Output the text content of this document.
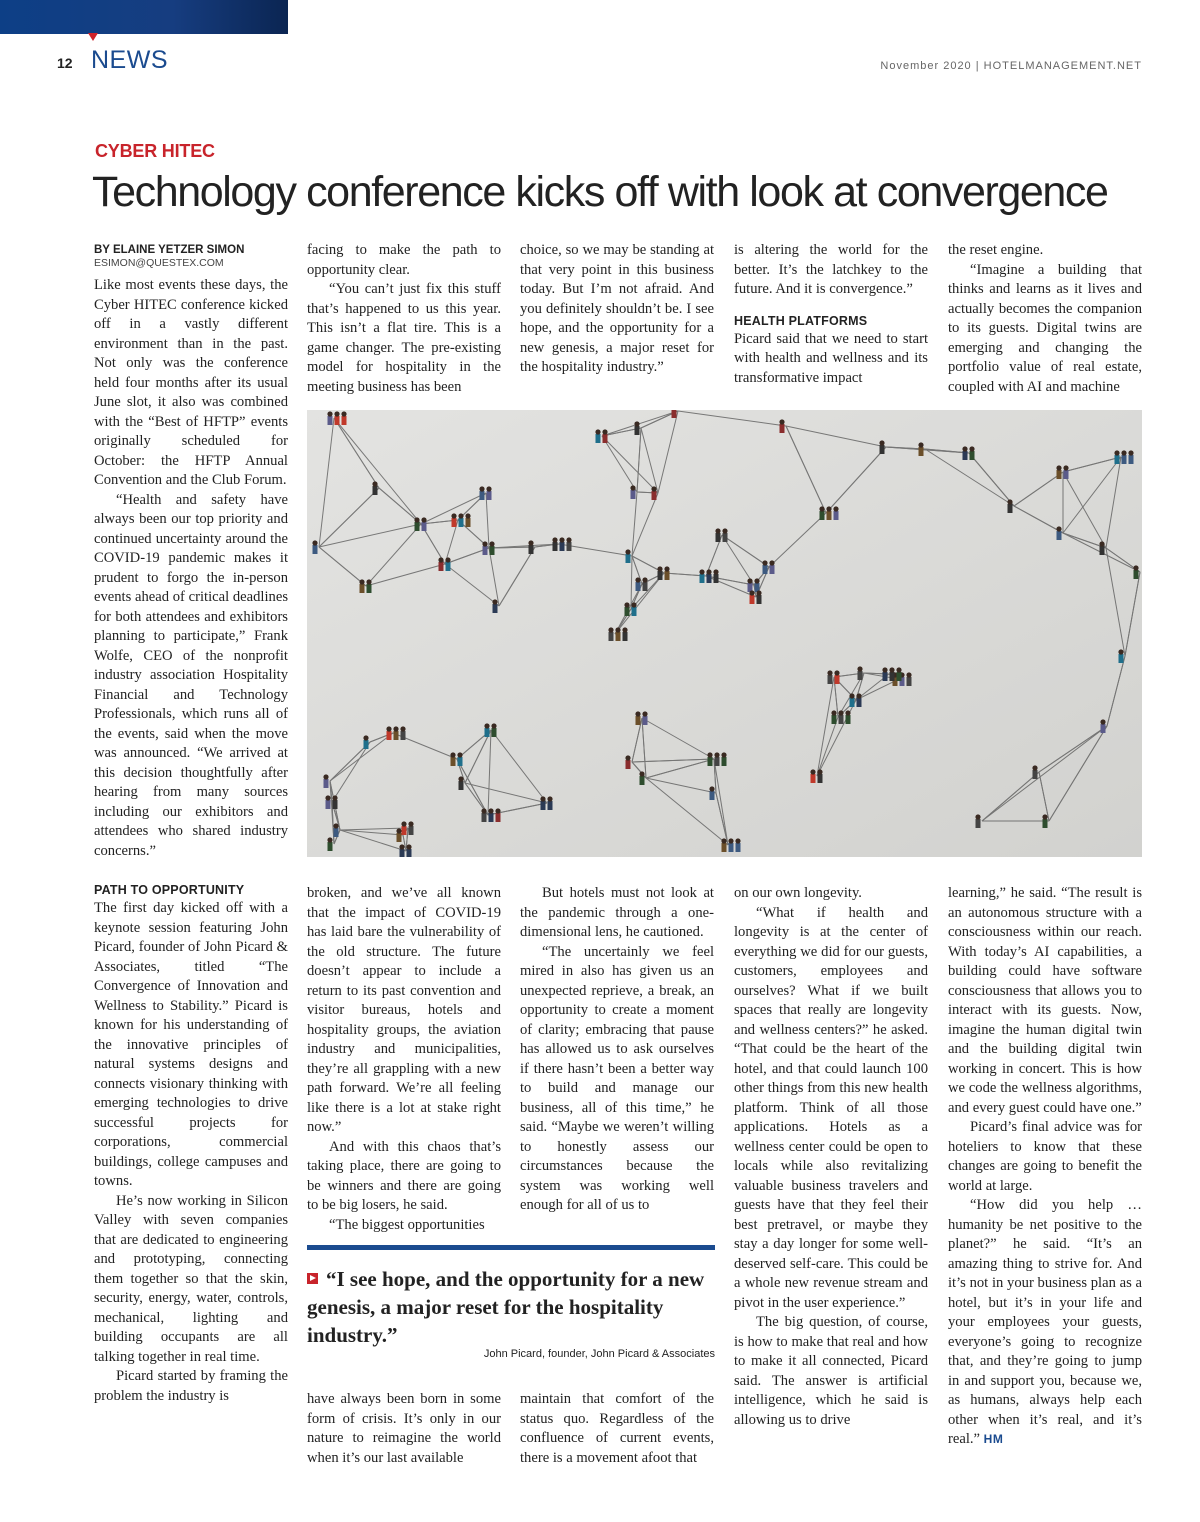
12 NEWS	November 2020 | HOTELMANAGEMENT.NET
CYBER HITEC
Technology conference kicks off with look at convergence
BY ELAINE YETZER SIMON
ESIMON@QUESTEX.COM

Like most events these days, the Cyber HITEC conference kicked off in a vastly different environment than in the past. Not only was the conference held four months after its usual June slot, it also was combined with the “Best of HFTP” events originally scheduled for October: the HFTP Annual Convention and the Club Forum.

“Health and safety have always been our top priority and continued uncertainty around the COVID-19 pandemic makes it prudent to forgo the in-person events ahead of critical deadlines for both attendees and exhibitors planning to participate,” Frank Wolfe, CEO of the nonprofit industry association Hospitality Financial and Technology Professionals, which runs all of the events, said when the move was announced. “We arrived at this decision thoughtfully after hearing from many sources including our exhibitors and attendees who shared industry concerns.”

PATH TO OPPORTUNITY

The first day kicked off with a keynote session featuring John Picard, founder of John Picard & Associates, titled “The Convergence of Innovation and Wellness to Stability.” Picard is known for his understanding of the innovative principles of natural systems designs and connects visionary thinking with emerging technologies to drive successful projects for corporations, commercial buildings, college campuses and towns.

He’s now working in Silicon Valley with seven companies that are dedicated to engineering and prototyping, connecting them together so that the skin, security, energy, water, controls, mechanical, lighting and building occupants are all talking together in real time.

Picard started by framing the problem the industry is

facing to make the path to opportunity clear.

“You can’t just fix this stuff that’s happened to us this year. This isn’t a flat tire. This is a game changer. The pre-existing model for hospitality in the meeting business has been

choice, so we may be standing at that very point in this business today. But I’m not afraid. And you definitely shouldn’t be. I see hope, and the opportunity for a new genesis, a major reset for the hospitality industry.”

is altering the world for the better. It’s the latchkey to the future. And it is convergence.”

HEALTH PLATFORMS

Picard said that we need to start with health and wellness and its transformative impact

the reset engine.

“Imagine a building that thinks and learns as it lives and actually becomes the companion to its guests. Digital twins are emerging and changing the portfolio value of real estate, coupled with AI and machine

broken, and we’ve all known that the impact of COVID-19 has laid bare the vulnerability of the old structure. The future doesn’t appear to include a return to its past convention and visitor bureaus, hotels and hospitality groups, the aviation industry and municipalities, they’re all grappling with a new path forward. We’re all feeling like there is a lot at stake right now.”

And with this chaos that’s taking place, there are going to be winners and there are going to be big losers, he said.

“The biggest opportunities

But hotels must not look at the pandemic through a one-dimensional lens, he cautioned.

“The uncertainly we feel mired in also has given us an unexpected reprieve, a break, an opportunity to create a moment of clarity; embracing that pause has allowed us to ask ourselves if there hasn’t been a better way to build and manage our business, all of this time,” he said. “Maybe we weren’t willing to honestly assess our circumstances because the system was working well enough for all of us to

“I see hope, and the opportunity for a new genesis, a major reset for the hospitality industry.”
John Picard, founder, John Picard & Associates

have always been born in some form of crisis. It’s only in our nature to reimagine the world when it’s our last available

maintain that comfort of the status quo. Regardless of the confluence of current events, there is a movement afoot that

on our own longevity.

“What if health and longevity is at the center of everything we did for our guests, customers, employees and ourselves? What if we built spaces that really are longevity and wellness centers?” he asked. “That could be the heart of the hotel, and that could launch 100 other things from this new health platform. Think of all those applications. Hotels as a wellness center could be open to locals while also revitalizing valuable business travelers and guests have that they feel their best pretravel, or maybe they stay a day longer for some well-deserved self-care. This could be a whole new revenue stream and pivot in the user experience.”

The big question, of course, is how to make that real and how to make it all connected, Picard said. The answer is artificial intelligence, which he said is allowing us to drive

learning,” he said. “The result is an autonomous structure with a consciousness within our reach. With today’s AI capabilities, a building could have software consciousness that allows you to interact with its guests. Now, imagine the human digital twin and the building digital twin working in concert. This is how we code the wellness algorithms, and every guest could have one.”

Picard’s final advice was for hoteliers to know that these changes are going to benefit the world at large.

“How did you help … humanity be net positive to the planet?” he said. “It’s an amazing thing to strive for. And it’s not in your business plan as a hotel, but it’s in your life and your employees your guests, everyone’s going to recognize that, and they’re going to jump in and support you, because we, as humans, always help each other when it’s real, and it’s real.” HM
